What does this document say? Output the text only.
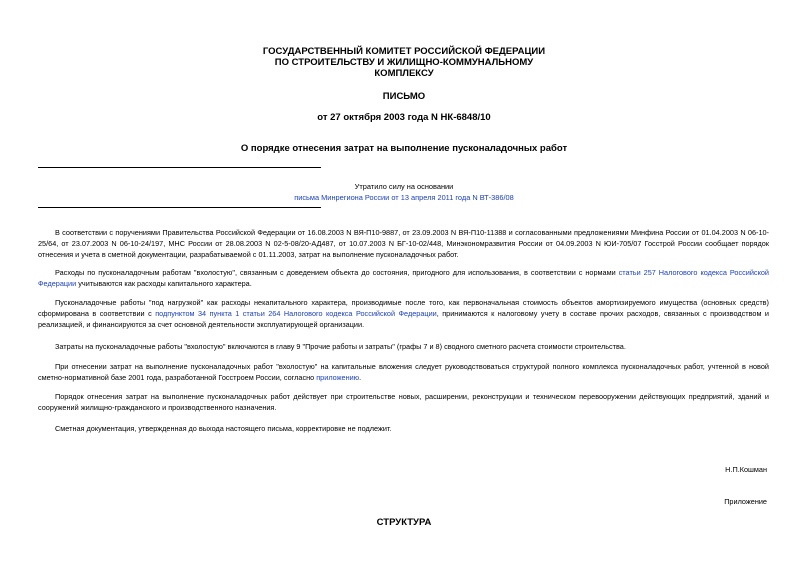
ГОСУДАРСТВЕННЫЙ КОМИТЕТ РОССИЙСКОЙ ФЕДЕРАЦИИ
ПО СТРОИТЕЛЬСТВУ И ЖИЛИЩНО-КОММУНАЛЬНОМУ
КОМПЛЕКСУ
ПИСЬМО
от 27 октября 2003 года N НК-6848/10
О порядке отнесения затрат на выполнение пусконаладочных работ
Утратило силу на основании
письма Минрегиона России от 13 апреля 2011 года N ВТ-386/08
В соответствии с поручениями Правительства Российской Федерации от 16.08.2003 N ВЯ-П10-9887, от 23.09.2003 N ВЯ-П10-11388 и согласованными предложениями Минфина России от 01.04.2003 N 06-10-25/64, от 23.07.2003 N 06-10-24/197, МНС России от 28.08.2003 N 02-5-08/20-АД487, от 10.07.2003 N БГ-10-02/448, Минэкономразвития России от 04.09.2003 N ЮИ-705/07 Госстрой России сообщает порядок отнесения и учета в сметной документации, разрабатываемой с 01.11.2003, затрат на выполнение пусконаладочных работ.
Расходы по пусконаладочным работам "вхолостую", связанным с доведением объекта до состояния, пригодного для использования, в соответствии с нормами статьи 257 Налогового кодекса Российской Федерации учитываются как расходы капитального характера.
Пусконаладочные работы "под нагрузкой" как расходы некапитального характера, производимые после того, как первоначальная стоимость объектов амортизируемого имущества (основных средств) сформирована в соответствии с подпунктом 34 пункта 1 статьи 264 Налогового кодекса Российской Федерации, принимаются к налоговому учету в составе прочих расходов, связанных с производством и реализацией, и финансируются за счет основной деятельности эксплуатирующей организации.
Затраты на пусконаладочные работы "вхолостую" включаются в главу 9 "Прочие работы и затраты" (графы 7 и 8) сводного сметного расчета стоимости строительства.
При отнесении затрат на выполнение пусконаладочных работ "вхолостую" на капитальные вложения следует руководствоваться структурой полного комплекса пусконаладочных работ, учтенной в новой сметно-нормативной базе 2001 года, разработанной Госстроем России, согласно приложению.
Порядок отнесения затрат на выполнение пусконаладочных работ действует при строительстве новых, расширении, реконструкции и техническом перевооружении действующих предприятий, зданий и сооружений жилищно-гражданского и производственного назначения.
Сметная документация, утвержденная до выхода настоящего письма, корректировке не подлежит.
Н.П.Кошман
Приложение
СТРУКТУРА
